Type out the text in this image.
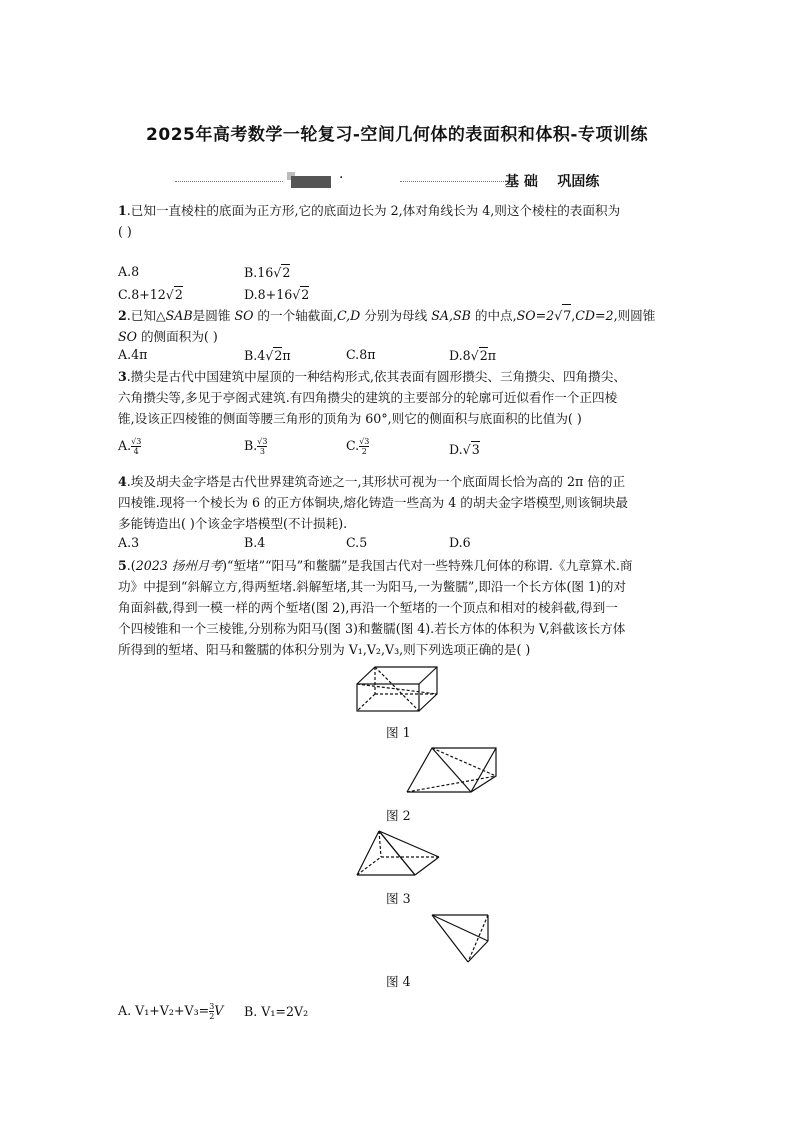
2025年高考数学一轮复习-空间几何体的表面积和体积-专项训练
·	基 础    巩固练
1.已知一直棱柱的底面为正方形,它的底面边长为 2,体对角线长为 4,则这个棱柱的表面积为
( )
A.8	B.16√2
C.8+12√2	D.8+16√2
2.已知△SAB是圆锥 SO 的一个轴截面,C,D 分别为母线 SA,SB 的中点,SO=2√7,CD=2,则圆锥
SO 的侧面积为( )
A.4π	B.4√2π	C.8π	D.8√2π
3.攒尖是古代中国建筑中屋顶的一种结构形式,依其表面有圆形攒尖、三角攒尖、四角攒尖、
六角攒尖等,多见于亭阁式建筑.有四角攒尖的建筑的主要部分的轮廓可近似看作一个正四棱
锥,设该正四棱锥的侧面等腰三角形的顶角为 60°,则它的侧面积与底面积的比值为( )
A. $\frac{√3}{4}$	B. $\frac{√3}{3}$	C. $\frac{√3}{2}$	D.√3
4.埃及胡夫金字塔是古代世界建筑奇迹之一,其形状可视为一个底面周长恰为高的 2π 倍的正
四棱锥.现将一个棱长为 6 的正方体铜块,熔化铸造一些高为 4 的胡夫金字塔模型,则该铜块最
多能铸造出( )个该金字塔模型(不计损耗).
A.3	B.4	C.5	D.6
5.(2023 扬州月考)“堑堵”“阳马”和鳖臑”是我国古代对一些特殊几何体的称谓.《九章算术.商
功》中提到“斜解立方,得两堑堵.斜解堑堵,其一为阳马,一为鳖臑”,即沿一个长方体(图 1)的对
角面斜截,得到一模一样的两个堑堵(图 2),再沿一个堑堵的一个顶点和相对的棱斜截,得到一
个四棱锥和一个三棱锥,分别称为阳马(图 3)和鳖臑(图 4).若长方体的体积为 V,斜截该长方体
所得到的堑堵、阳马和鳖臑的体积分别为 V₁,V₂,V₃,则下列选项正确的是( )
图 1
图 2
图 3
图 4
A. $V_1+V_2+V_3= \frac{3}{2}$ V B. V₁=2V₂
